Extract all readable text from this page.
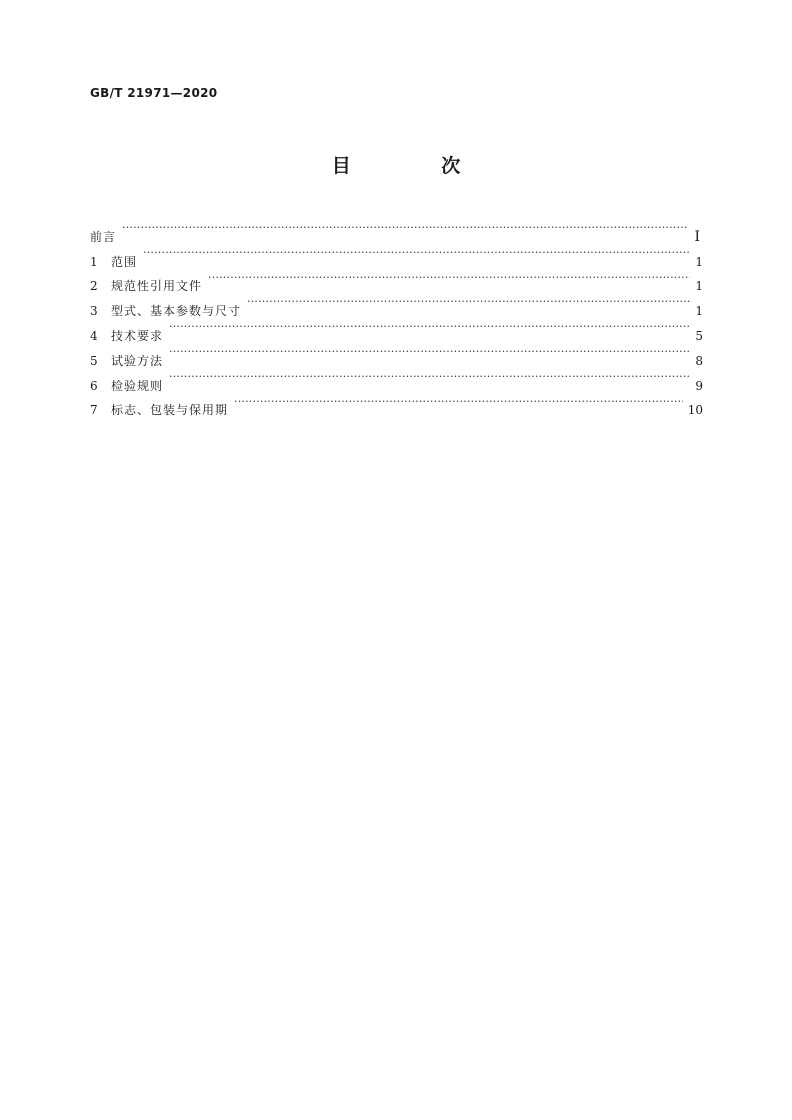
GB/T 21971—2020
目 次
前言 ·····	Ⅰ
1	范围 ·····	1
2	规范性引用文件 ·····	1
3	型式、基本参数与尺寸 ·····	1
4	技术要求 ·····	5
5	试验方法 ·····	8
6	检验规则 ·····	9
7	标志、包装与保用期 ·····	10
